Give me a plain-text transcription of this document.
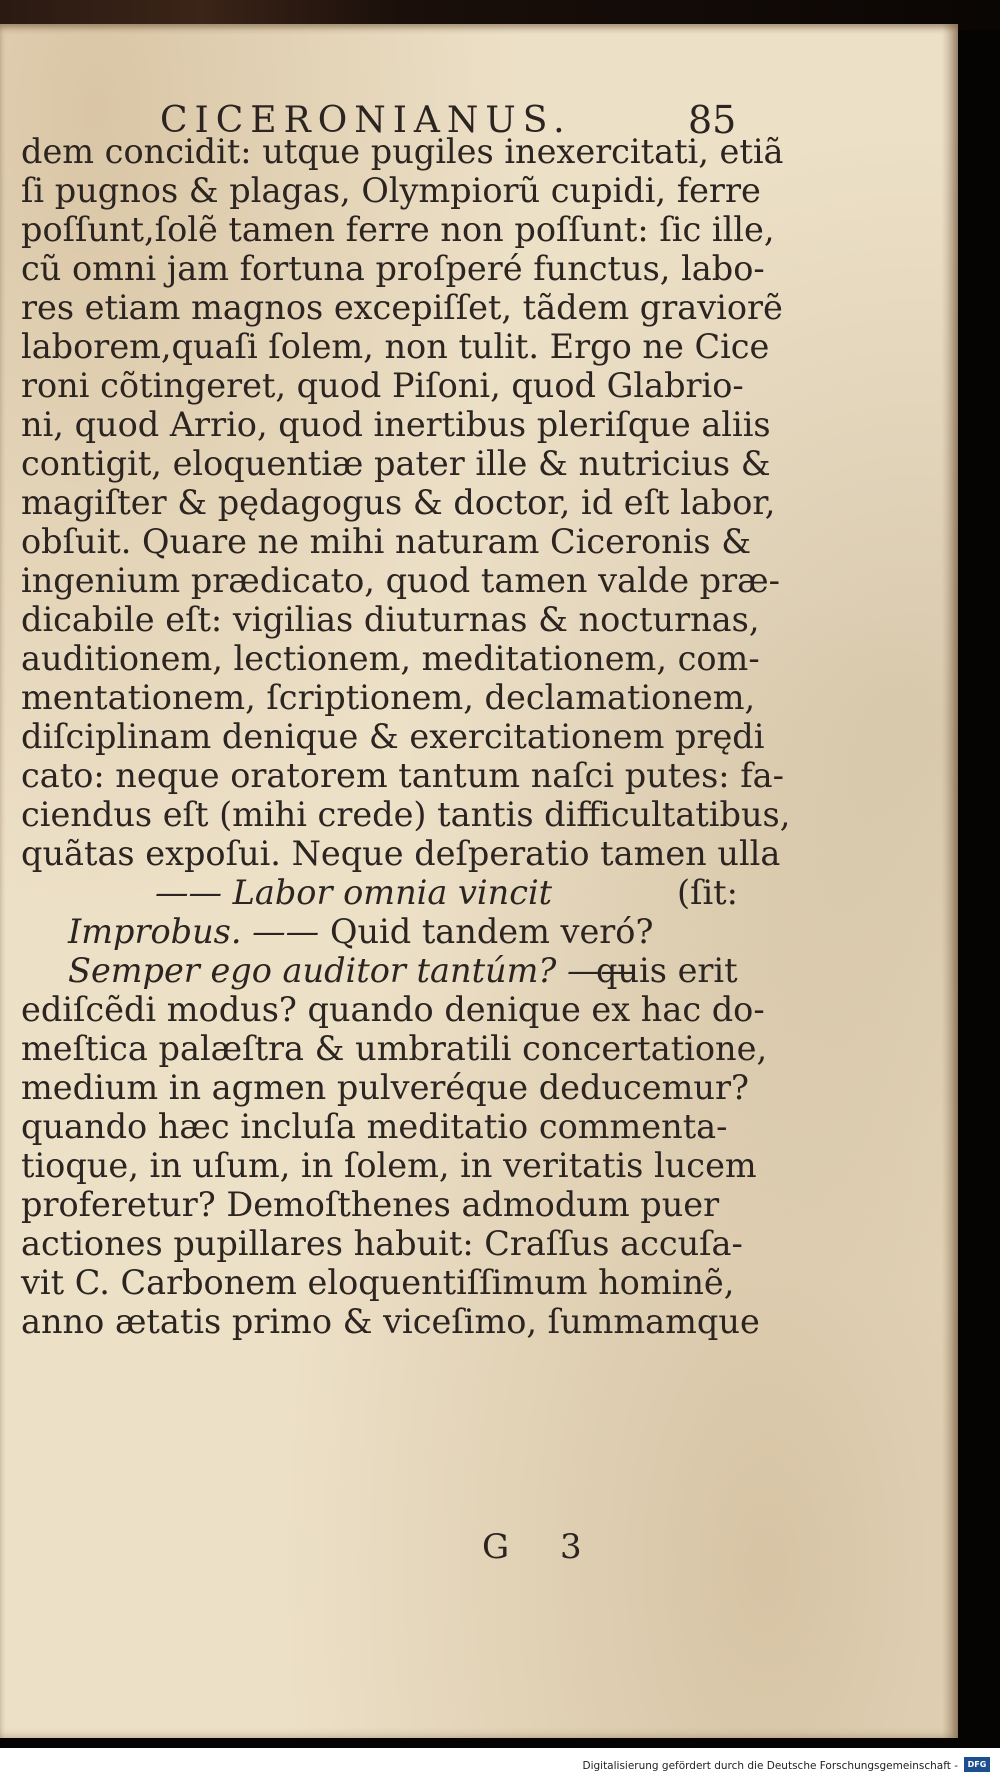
CICERONIANUS.	85
dem concidit: utque pugiles inexercitati, etiã
ſi pugnos & plagas, Olympiorũ cupidi, ferre
poſſunt,ſolẽ tamen ferre non poſſunt: ſic ille,
cũ omni jam fortuna proſperé functus, labo-
res etiam magnos excepiſſet, tãdem graviorẽ
laborem,quaſi ſolem, non tulit. Ergo ne Cice
roni cõtingeret, quod Piſoni, quod Glabrio-
ni, quod Arrio, quod inertibus pleriſque aliis
contigit, eloquentiæ pater ille & nutricius &
magiſter & pędagogus & doctor, id eſt labor,
obſuit. Quare ne mihi naturam Ciceronis &
ingenium prædicato, quod tamen valde præ-
dicabile eſt: vigilias diuturnas & nocturnas,
auditionem, lectionem, meditationem, com-
mentationem, ſcriptionem, declamationem,
diſciplinam denique & exercitationem prędi
cato: neque oratorem tantum naſci putes: fa-
ciendus eſt (mihi crede) tantis difficultatibus,
quãtas expoſui. Neque deſperatio tamen ulla
—— Labor omnia vincit	(ſit:
Improbus. —— Quid tandem veró?
Semper ego auditor tantúm? ——
quis erit
ediſcẽdi modus? quando denique ex hac do-
meſtica palæſtra & umbratili concertatione,
medium in agmen pulveréque deducemur?
quando hæc incluſa meditatio commenta-
tioque, in uſum, in ſolem, in veritatis lucem
proferetur? Demoſthenes admodum puer
actiones pupillares habuit: Craſſus accuſa-
vit C. Carbonem eloquentiſſimum hominẽ,
anno ætatis primo & viceſimo, ſummamque
G 3
Digitalisierung gefördert durch die Deutsche Forschungsgemeinschaft -	DFG
